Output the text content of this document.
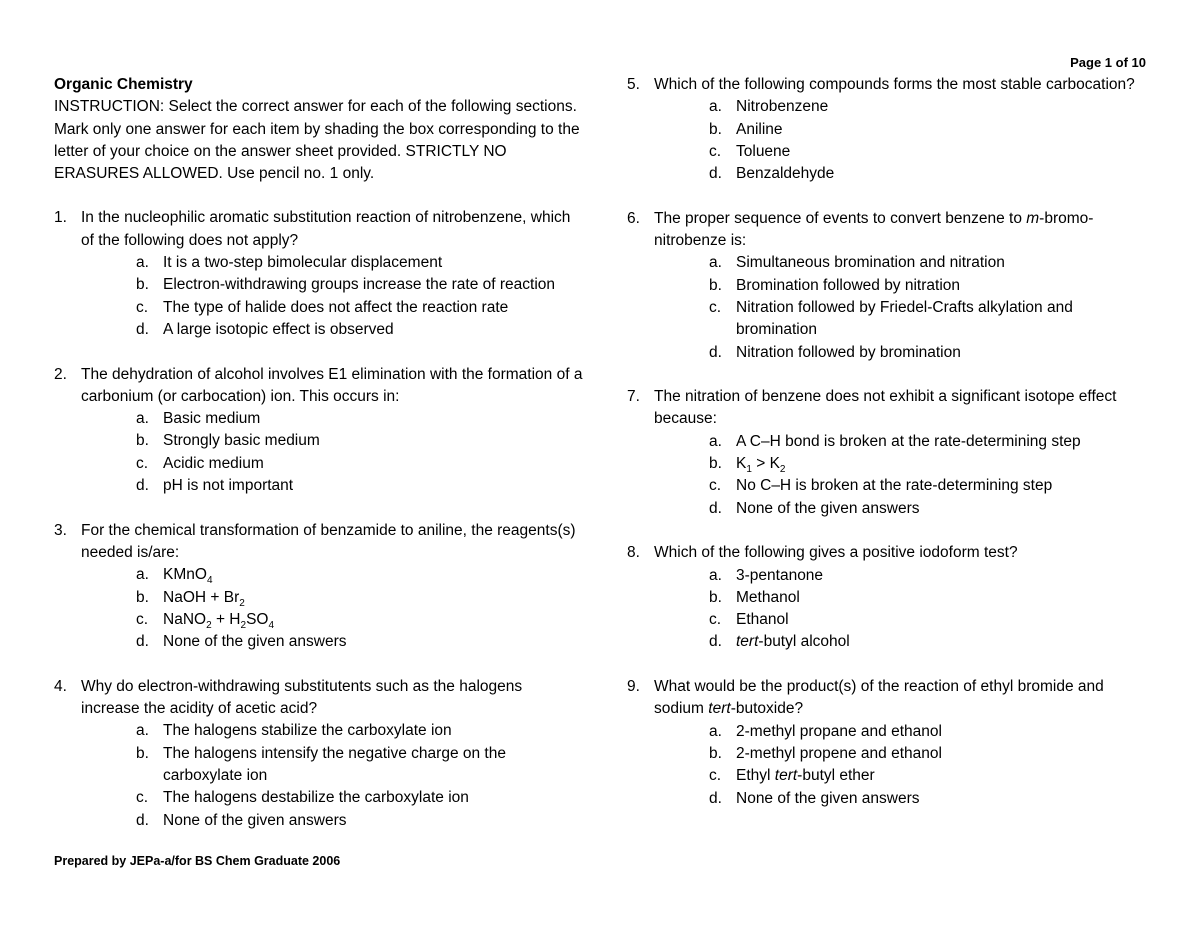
Page 1 of 10
Organic Chemistry
INSTRUCTION: Select the correct answer for each of the following sections. Mark only one answer for each item by shading the box corresponding to the letter of your choice on the answer sheet provided. STRICTLY NO ERASURES ALLOWED. Use pencil no. 1 only.
1. In the nucleophilic aromatic substitution reaction of nitrobenzene, which of the following does not apply?
a. It is a two-step bimolecular displacement
b. Electron-withdrawing groups increase the rate of reaction
c. The type of halide does not affect the reaction rate
d. A large isotopic effect is observed
2. The dehydration of alcohol involves E1 elimination with the formation of a carbonium (or carbocation) ion. This occurs in:
a. Basic medium
b. Strongly basic medium
c. Acidic medium
d. pH is not important
3. For the chemical transformation of benzamide to aniline, the reagents(s) needed is/are:
a. KMnO$_4$
b. NaOH + $Br_2$
c. NaNO$_2$ + $H_2SO_4$
d. None of the given answers
4. Why do electron-withdrawing substitutents such as the halogens increase the acidity of acetic acid?
a. The halogens stabilize the carboxylate ion
b. The halogens intensify the negative charge on the carboxylate ion
c. The halogens destabilize the carboxylate ion
d. None of the given answers
5. Which of the following compounds forms the most stable carbocation?
a. Nitrobenzene
b. Aniline
c. Toluene
d. Benzaldehyde
6. The proper sequence of events to convert benzene to m-bromo-nitrobenze is:
a. Simultaneous bromination and nitration
b. Bromination followed by nitration
c. Nitration followed by Friedel-Crafts alkylation and bromination
d. Nitration followed by bromination
7. The nitration of benzene does not exhibit a significant isotope effect because:
a. A C–H bond is broken at the rate-determining step
b. $K_1 > K_2$
c. No C–H is broken at the rate-determining step
d. None of the given answers
8. Which of the following gives a positive iodoform test?
a. 3-pentanone
b. Methanol
c. Ethanol
d. tert-butyl alcohol
9. What would be the product(s) of the reaction of ethyl bromide and sodium tert-butoxide?
a. 2-methyl propane and ethanol
b. 2-methyl propene and ethanol
c. Ethyl tert-butyl ether
d. None of the given answers
Prepared by JEPa-a/for BS Chem Graduate 2006
